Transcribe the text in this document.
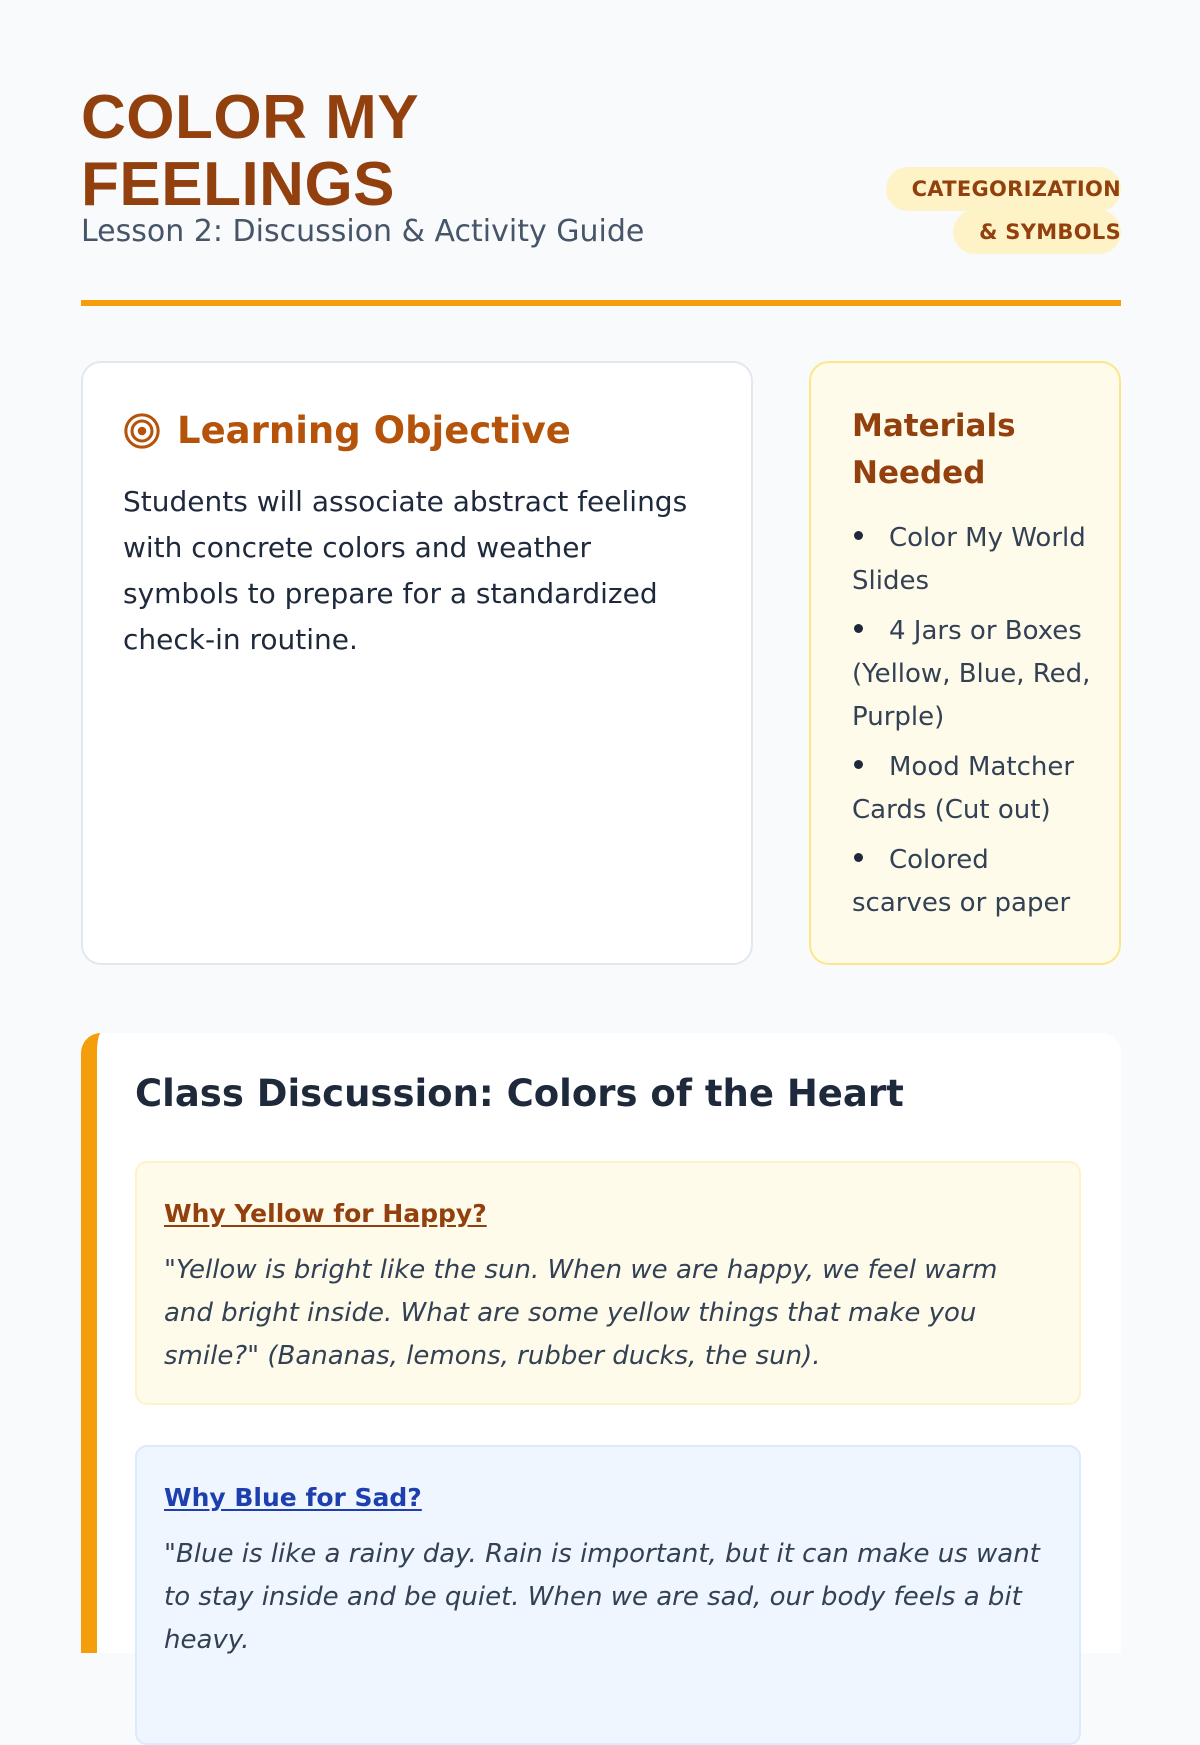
COLOR MY FEELINGS

Lesson 2: Discussion & Activity Guide

CATEGORIZATION & SYMBOLS
Learning Objective

Students will associate abstract feelings with concrete colors and weather symbols to prepare for a standardized check-in routine.

Materials Needed
Color My World Slides
4 Jars or Boxes (Yellow, Blue, Red, Purple)
Mood Matcher Cards (Cut out)
Colored scarves or paper
Class Discussion: Colors of the Heart
Why Yellow for Happy?

"Yellow is bright like the sun. When we are happy, we feel warm and bright inside. What are some yellow things that make you smile?" (Bananas, lemons, rubber ducks, the sun).

Why Blue for Sad?

"Blue is like a rainy day. Rain is important, but it can make us want to stay inside and be quiet. When we are sad, our body feels a bit heavy.
